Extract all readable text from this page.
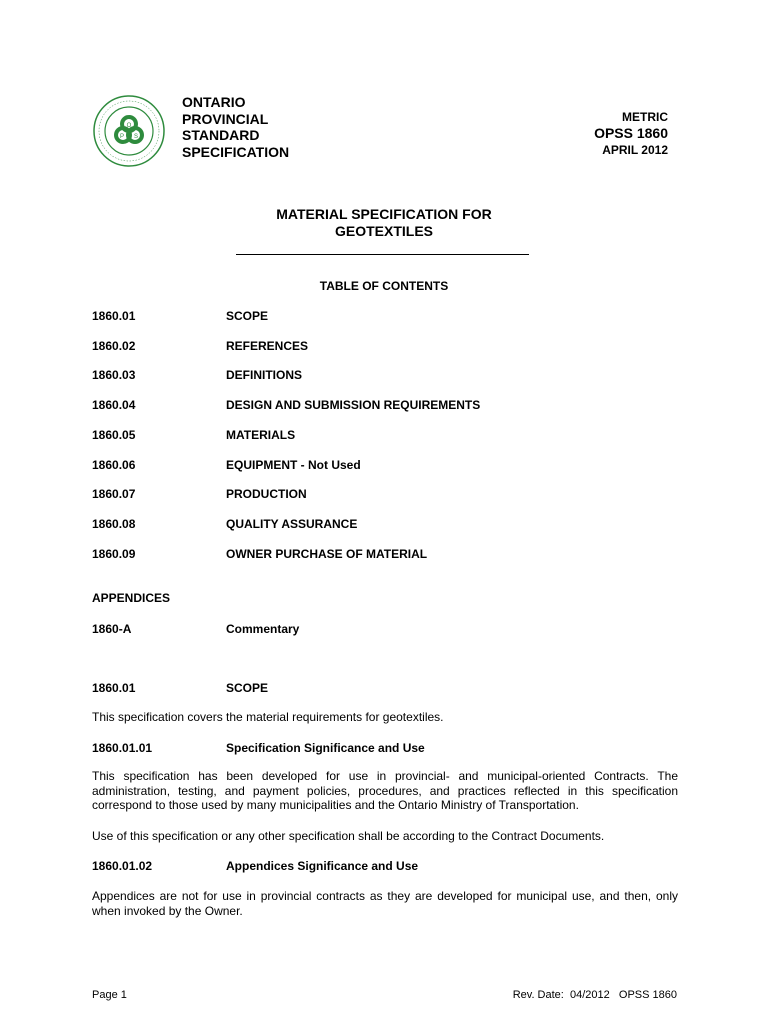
O
P S
ONTARIO
PROVINCIAL
STANDARD
SPECIFICATION
METRIC
OPSS 1860
APRIL 2012
MATERIAL SPECIFICATION FOR
GEOTEXTILES
TABLE OF CONTENTS
1860.01	SCOPE
1860.02	REFERENCES
1860.03	DEFINITIONS
1860.04	DESIGN AND SUBMISSION REQUIREMENTS
1860.05	MATERIALS
1860.06	EQUIPMENT - Not Used
1860.07	PRODUCTION
1860.08	QUALITY ASSURANCE
1860.09	OWNER PURCHASE OF MATERIAL
APPENDICES
1860-A	Commentary
1860.01	SCOPE
This specification covers the material requirements for geotextiles.
1860.01.01	Specification Significance and Use
This specification has been developed for use in provincial- and municipal-oriented Contracts. The administration, testing, and payment policies, procedures, and practices reflected in this specification correspond to those used by many municipalities and the Ontario Ministry of Transportation.
Use of this specification or any other specification shall be according to the Contract Documents.
1860.01.02	Appendices Significance and Use
Appendices are not for use in provincial contracts as they are developed for municipal use, and then, only when invoked by the Owner.
Page 1	Rev. Date:  04/2012   OPSS 1860
